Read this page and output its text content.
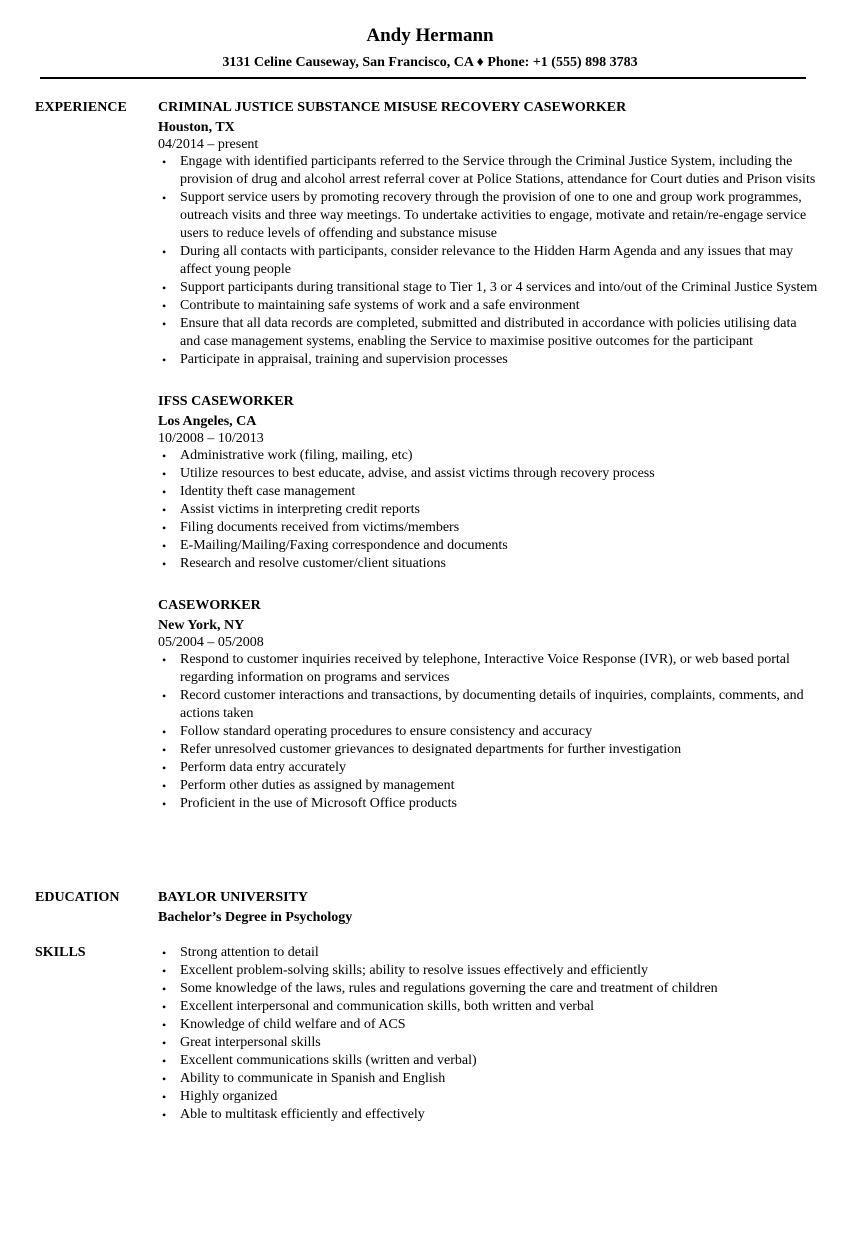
Andy Hermann
3131 Celine Causeway, San Francisco, CA ♦ Phone: +1 (555) 898 3783
EXPERIENCE CRIMINAL JUSTICE SUBSTANCE MISUSE RECOVERY CASEWORKER
Houston, TX
04/2014 – present
• Engage with identified participants referred to the Service through the Criminal Justice System, including the provision of drug and alcohol arrest referral cover at Police Stations, attendance for Court duties and Prison visits
• Support service users by promoting recovery through the provision of one to one and group work programmes, outreach visits and three way meetings. To undertake activities to engage, motivate and retain/re-engage service users to reduce levels of offending and substance misuse
• During all contacts with participants, consider relevance to the Hidden Harm Agenda and any issues that may affect young people
• Support participants during transitional stage to Tier 1, 3 or 4 services and into/out of the Criminal Justice System
• Contribute to maintaining safe systems of work and a safe environment
• Ensure that all data records are completed, submitted and distributed in accordance with policies utilising data and case management systems, enabling the Service to maximise positive outcomes for the participant
• Participate in appraisal, training and supervision processes
IFSS CASEWORKER
Los Angeles, CA
10/2008 – 10/2013
• Administrative work (filing, mailing, etc)
• Utilize resources to best educate, advise, and assist victims through recovery process
• Identity theft case management
• Assist victims in interpreting credit reports
• Filing documents received from victims/members
• E-Mailing/Mailing/Faxing correspondence and documents
• Research and resolve customer/client situations
CASEWORKER
New York, NY
05/2004 – 05/2008
• Respond to customer inquiries received by telephone, Interactive Voice Response (IVR), or web based portal regarding information on programs and services
• Record customer interactions and transactions, by documenting details of inquiries, complaints, comments, and actions taken
• Follow standard operating procedures to ensure consistency and accuracy
• Refer unresolved customer grievances to designated departments for further investigation
• Perform data entry accurately
• Perform other duties as assigned by management
• Proficient in the use of Microsoft Office products
EDUCATION	BAYLOR UNIVERSITY
Bachelor’s Degree in Psychology
SKILLS	• Strong attention to detail
• Excellent problem-solving skills; ability to resolve issues effectively and efficiently
• Some knowledge of the laws, rules and regulations governing the care and treatment of children
• Excellent interpersonal and communication skills, both written and verbal
• Knowledge of child welfare and of ACS
• Great interpersonal skills
• Excellent communications skills (written and verbal)
• Ability to communicate in Spanish and English
• Highly organized
• Able to multitask efficiently and effectively
